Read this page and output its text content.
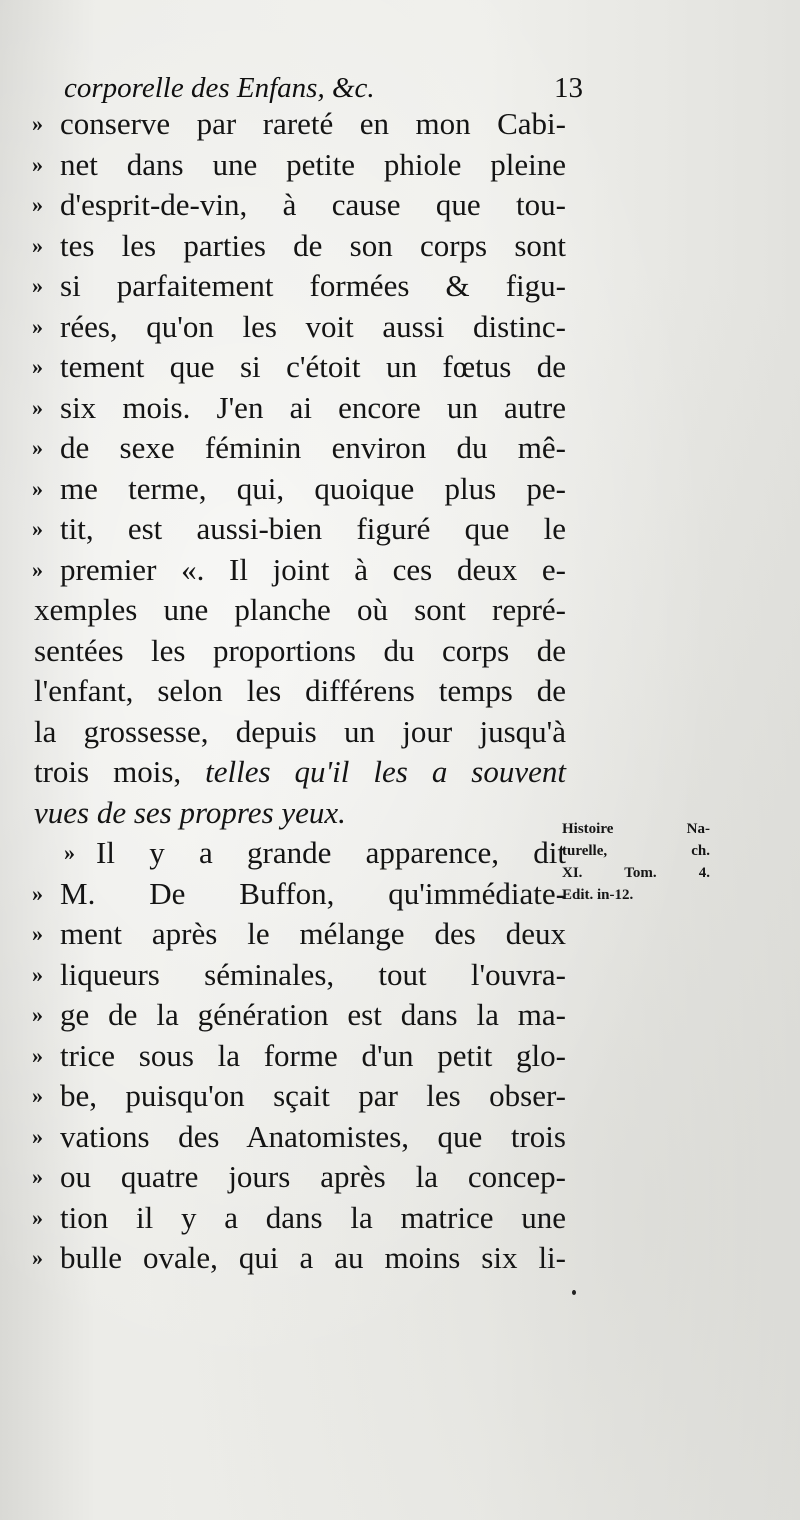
corporelle des Enfans, &c.	13
» conserve par rareté en mon Cabi-
» net dans une petite phiole pleine
» d'esprit-de-vin, à cause que tou-
» tes les parties de son corps sont
» si parfaitement formées & figu-
» rées, qu'on les voit aussi distinc-
» tement que si c'étoit un fœtus de
» six mois. J'en ai encore un autre
» de sexe féminin environ du mê-
» me terme, qui, quoique plus pe-
» tit, est aussi-bien figuré que le
» premier «. Il joint à ces deux e-
xemples une planche où sont repré-
sentées les proportions du corps de
l'enfant, selon les différens temps de
la grossesse, depuis un jour jusqu'à
trois mois, telles qu'il les a souvent
vues de ses propres yeux.
» Il y a grande apparence, dit
» M. De Buffon, qu'immédiate-
» ment après le mélange des deux
» liqueurs séminales, tout l'ouvra-
» ge de la génération est dans la ma-
» trice sous la forme d'un petit glo-
» be, puisqu'on sçait par les obser-
» vations des Anatomistes, que trois
» ou quatre jours après la concep-
» tion il y a dans la matrice une
» bulle ovale, qui a au moins six li-
Histoire Na-
turelle, ch.
XI. Tom. 4.
Edit. in-12.
